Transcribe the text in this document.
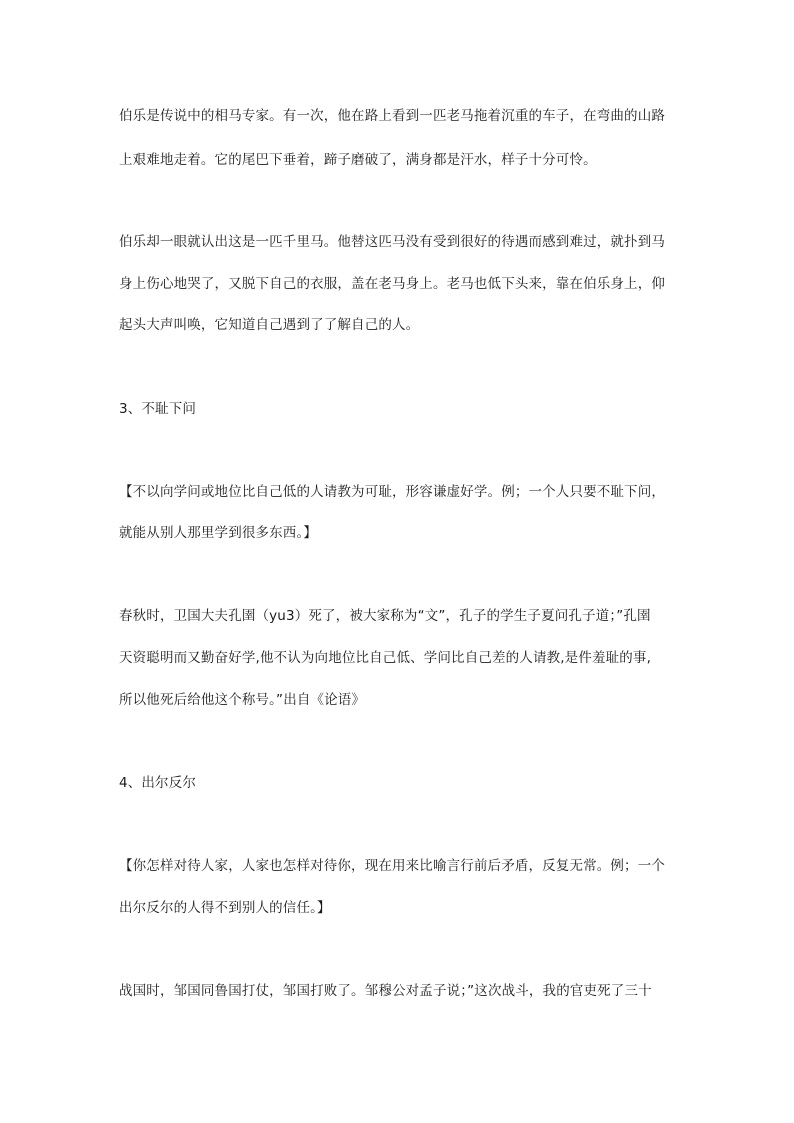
伯乐是传说中的相马专家。有一次，他在路上看到一匹老马拖着沉重的车子，在弯曲的山路
上艰难地走着。它的尾巴下垂着，蹄子磨破了，满身都是汗水，样子十分可怜。
伯乐却一眼就认出这是一匹千里马。他替这匹马没有受到很好的待遇而感到难过，就扑到马
身上伤心地哭了，又脱下自己的衣服，盖在老马身上。老马也低下头来，靠在伯乐身上，仰
起头大声叫唤，它知道自己遇到了了解自己的人。
3、不耻下问
【不以向学问或地位比自己低的人请教为可耻，形容谦虚好学。例；一个人只要不耻下问，
就能从别人那里学到很多东西。】
春秋时，卫国大夫孔圉（yu3）死了，被大家称为“文”，孔子的学生子夏问孔子道；”孔圉
天资聪明而又勤奋好学,他不认为向地位比自己低、学问比自己差的人请教,是件羞耻的事,
所以他死后给他这个称号。”出自《论语》
4、出尔反尔
【你怎样对待人家，人家也怎样对待你，现在用来比喻言行前后矛盾，反复无常。例；一个
出尔反尔的人得不到别人的信任。】
战国时，邹国同鲁国打仗，邹国打败了。邹穆公对孟子说；”这次战斗，我的官吏死了三十
